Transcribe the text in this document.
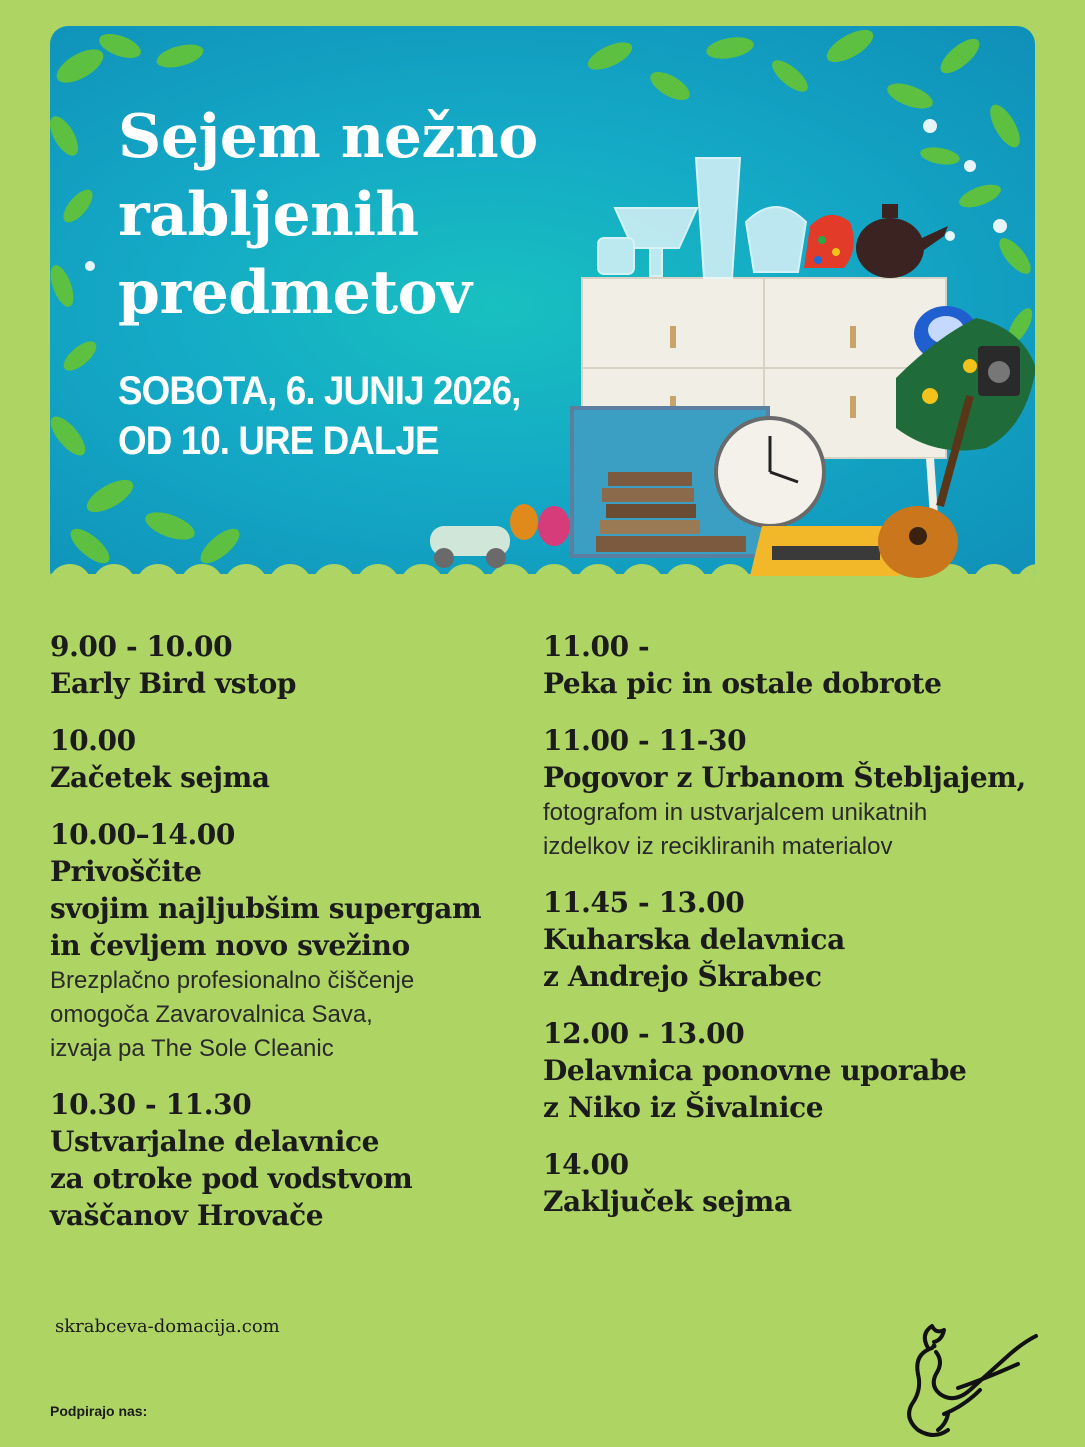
Sejem nežno
rabljenih
predmetov

SOBOTA, 6. JUNIJ 2026,
OD 10. URE DALJE

9.00 - 10.00
Early Bird vstop
10.00
Začetek sejma
10.00–14.00
Privoščite
svojim najljubšim supergam
in čevljem novo svežino
Brezplačno profesionalno čiščenje
omogoča Zavarovalnica Sava,
izvaja pa The Sole Cleanic
10.30 - 11.30
Ustvarjalne delavnice
za otroke pod vodstvom
vaščanov Hrovače
11.00 -
Peka pic in ostale dobrote
11.00 - 11-30
Pogovor z Urbanom Štebljajem,
fotografom in ustvarjalcem unikatnih
izdelkov iz recikliranih materialov
11.45 - 13.00
Kuharska delavnica
z Andrejo Škrabec
12.00 - 13.00
Delavnica ponovne uporabe
z Niko iz Šivalnice
14.00
Zaključek sejma
skrabceva-domacija.com
Podpirajo nas:
